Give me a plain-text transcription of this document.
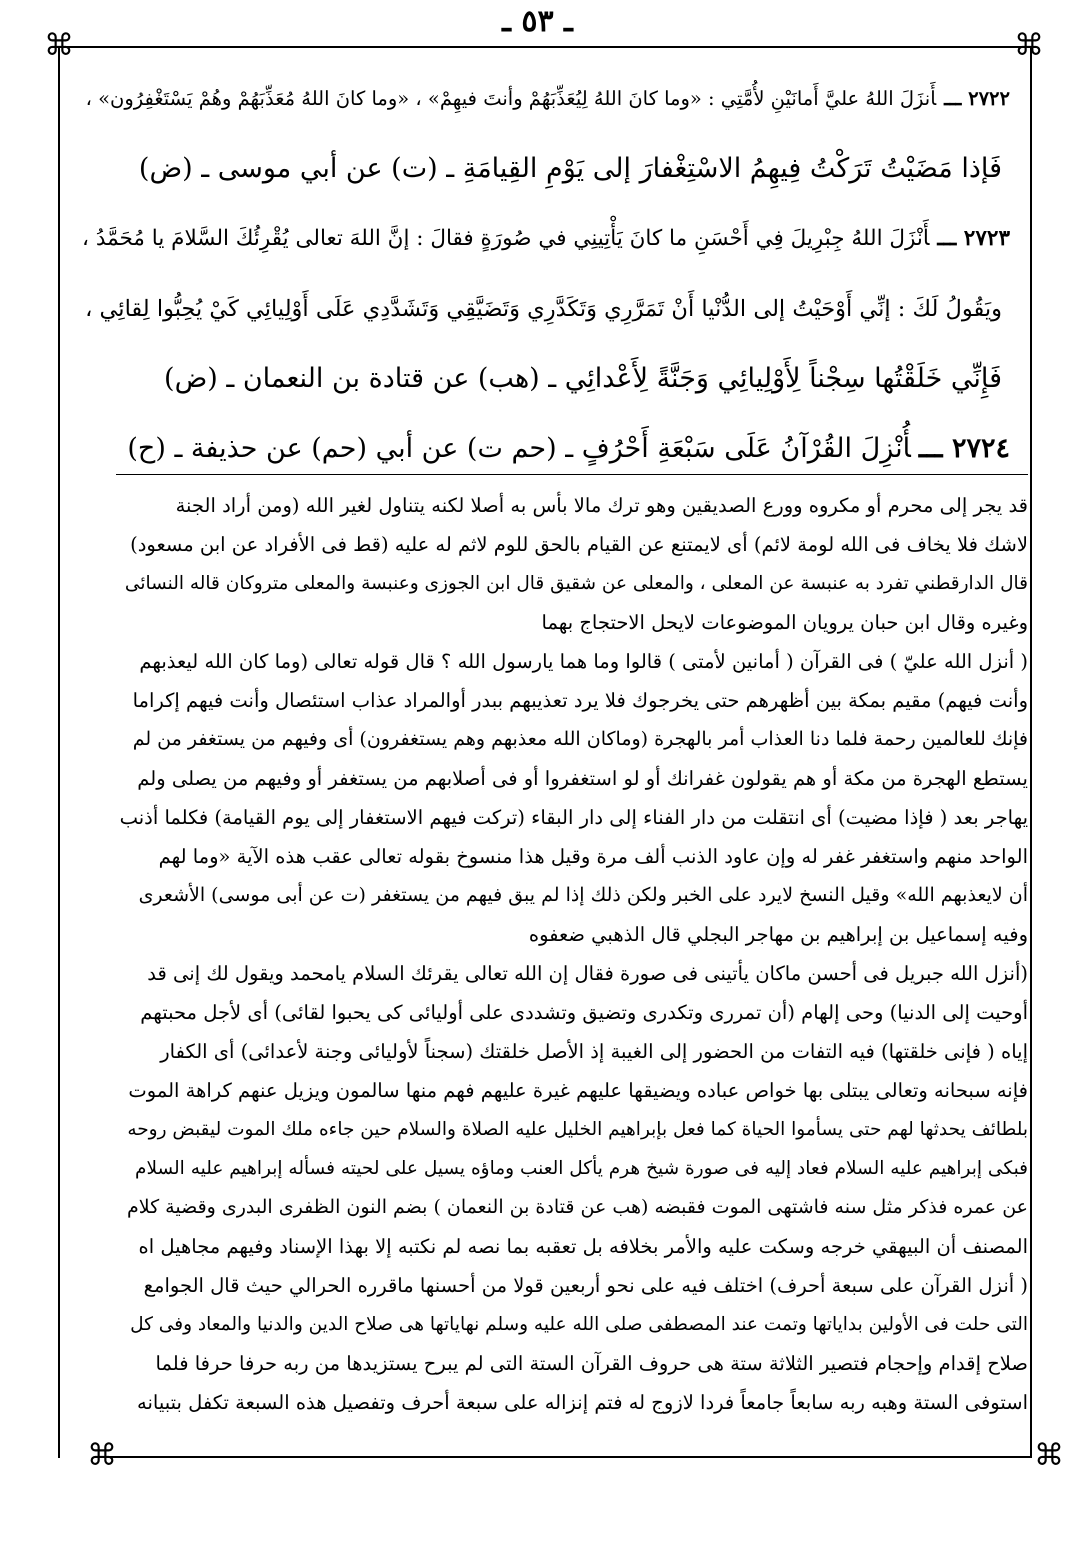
ـ ٥٣ ـ
⌘	⌘
⌘	⌘
٢٧٢٢ ـــأَنزَلَ اللهُ عليَّ أَمانَيْنِ لأُمَّتِي : «وما كانَ اللهُ لِيُعَذِّبَهُمْ وأنتَ فيهِمْ» ، «وما كانَ اللهُ مُعَذِّبَهُمْ وهُمْ يَسْتَغْفِرُون» ،
فَإذا مَضَيْتُ تَرَكْتُ فِيهِمُ الاسْتِغْفارَ إلى يَوْمِ القِيامَةِ ـ (ت) عن أبي موسى ـ (ض)
٢٧٢٣ ـــأَنْزَلَ اللهُ جِبْرِيلَ فِي أَحْسَنِ ما كانَ يَأْتِينِي في صُورَةٍ فقالَ : إنَّ اللهَ تعالى يُقْرِئُكَ السَّلامَ يا مُحَمَّدُ ،
ويَقُولُ لَكَ : إنِّي أَوْحَيْتُ إلى الدُّنْيا أَنْ تَمَرَّرِي وَتَكَدَّرِي وَتَضَيَّقِي وَتَشَدَّدِي عَلَى أَوْلِيائِي كَيْ يُحِبُّوا لِقائِي ،
فَإِنِّي خَلَقْتُها سِجْناً لِأَوْلِيائِي وَجَنَّةً لِأَعْدائِي ـ (هب) عن قتادة بن النعمان ـ (ض)
٢٧٢٤ ـــأُنْزِلَ القُرْآنُ عَلَى سَبْعَةِ أَحْرُفٍ ـ (حم ت) عن أبي (حم) عن حذيفة ـ (ح)
قد يجر إلى محرم أو مكروه وورع الصديقين وهو ترك مالا بأس به أصلا لكنه يتناول لغير الله (ومن أراد الجنة
لاشك فلا يخاف فى الله لومة لائم) أى لايمتنع عن القيام بالحق للوم لاثم له عليه (قط فى الأفراد عن ابن مسعود)
قال الدارقطني تفرد به عنبسة عن المعلى ، والمعلى عن شقيق قال ابن الجوزى وعنبسة والمعلى متروكان قاله النسائى
وغيره وقال ابن حبان يرويان الموضوعات لايحل الاحتجاج بهما
( أنزل الله عليّ ) فى القرآن ( أمانين لأمتى ) قالوا وما هما يارسول الله ؟ قال قوله تعالى (وما كان الله ليعذبهم
وأنت فيهم) مقيم بمكة بين أظهرهم حتى يخرجوك فلا يرد تعذيبهم ببدر أوالمراد عذاب استئصال وأنت فيهم إكراما
فإنك للعالمين رحمة فلما دنا العذاب أمر بالهجرة (وماكان الله معذبهم وهم يستغفرون) أى وفيهم من يستغفر من لم
يستطع الهجرة من مكة أو هم يقولون غفرانك أو لو استغفروا أو فى أصلابهم من يستغفر أو وفيهم من يصلى ولم
يهاجر بعد ( فإذا مضيت) أى انتقلت من دار الفناء إلى دار البقاء (تركت فيهم الاستغفار إلى يوم القيامة) فكلما أذنب
الواحد منهم واستغفر غفر له وإن عاود الذنب ألف مرة وقيل هذا منسوخ بقوله تعالى عقب هذه الآية «وما لهم
أن لايعذبهم الله» وقيل النسخ لايرد على الخبر ولكن ذلك إذا لم يبق فيهم من يستغفر (ت عن أبى موسى) الأشعرى
وفيه إسماعيل بن إبراهيم بن مهاجر البجلي قال الذهبي ضعفوه
(أنزل الله جبريل فى أحسن ماكان يأتينى فى صورة فقال إن الله تعالى يقرئك السلام يامحمد ويقول لك إنى قد
أوحيت إلى الدنيا) وحى إلهام (أن تمررى وتكدرى وتضيق وتشددى على أوليائى كى يحبوا لقائى) أى لأجل محبتهم
إياه ( فإنى خلقتها) فيه التفات من الحضور إلى الغيبة إذ الأصل خلقتك (سجناً لأوليائى وجنة لأعدائى) أى الكفار
فإنه سبحانه وتعالى يبتلى بها خواص عباده ويضيقها عليهم غيرة عليهم فهم منها سالمون ويزيل عنهم كراهة الموت
بلطائف يحدثها لهم حتى يسأموا الحياة كما فعل بإبراهيم الخليل عليه الصلاة والسلام حين جاءه ملك الموت ليقبض روحه
فبكى إبراهيم عليه السلام فعاد إليه فى صورة شيخ هرم يأكل العنب وماؤه يسيل على لحيته فسأله إبراهيم عليه السلام
عن عمره فذكر مثل سنه فاشتهى الموت فقبضه (هب عن قتادة بن النعمان ) بضم النون الظفرى البدرى وقضية كلام
المصنف أن البيهقي خرجه وسكت عليه والأمر بخلافه بل تعقبه بما نصه لم نكتبه إلا بهذا الإسناد وفيهم مجاهيل اه
( أنزل القرآن على سبعة أحرف) اختلف فيه على نحو أربعين قولا من أحسنها ماقرره الحرالي حيث قال الجوامع
التى حلت فى الأولين بداياتها وتمت عند المصطفى صلى الله عليه وسلم نهاياتها هى صلاح الدين والدنيا والمعاد وفى كل
صلاح إقدام وإحجام فتصير الثلاثة ستة هى حروف القرآن الستة التى لم يبرح يستزيدها من ربه حرفا حرفا فلما
استوفى الستة وهبه ربه سابعاً جامعاً فردا لازوج له فتم إنزاله على سبعة أحرف وتفصيل هذه السبعة تكفل بتبيانه
